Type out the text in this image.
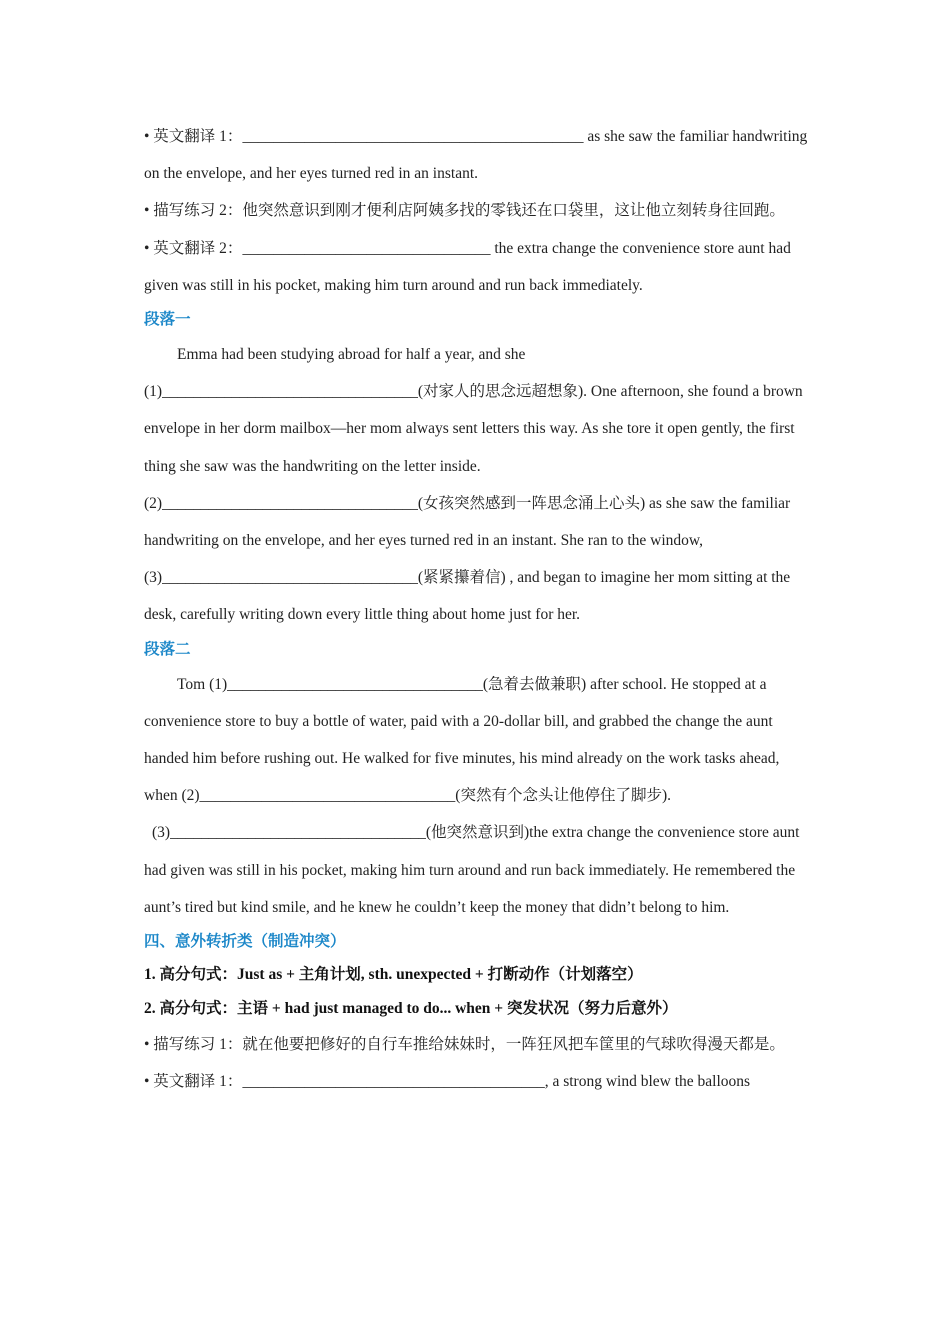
• 英文翻译 1：____________________________________________ as she saw the familiar handwriting on the envelope, and her eyes turned red in an instant.

• 描写练习 2：他突然意识到刚才便利店阿姨多找的零钱还在口袋里，这让他立刻转身往回跑。

• 英文翻译 2：________________________________ the extra change the convenience store aunt had given was still in his pocket, making him turn around and run back immediately.

段落一

Emma had been studying abroad for half a year, and she

(1)_________________________________(对家人的思念远超想象). One afternoon, she found a brown envelope in her dorm mailbox—her mom always sent letters this way. As she tore it open gently, the first thing she saw was the handwriting on the letter inside.

(2)_________________________________(女孩突然感到一阵思念涌上心头) as she saw the familiar handwriting on the envelope, and her eyes turned red in an instant. She ran to the window,

(3)_________________________________(紧紧攥着信) , and began to imagine her mom sitting at the desk, carefully writing down every little thing about home just for her.

段落二

Tom (1)_________________________________(急着去做兼职) after school. He stopped at a convenience store to buy a bottle of water, paid with a 20-dollar bill, and grabbed the change the aunt handed him before rushing out. He walked for five minutes, his mind already on the work tasks ahead, when (2)_________________________________(突然有个念头让他停住了脚步).

(3)_________________________________(他突然意识到)the extra change the convenience store aunt had given was still in his pocket, making him turn around and run back immediately. He remembered the aunt’s tired but kind smile, and he knew he couldn’t keep the money that didn’t belong to him.

四、意外转折类（制造冲突）

1. 高分句式：Just as + 主角计划, sth. unexpected + 打断动作（计划落空）

2. 高分句式：主语 + had just managed to do... when + 突发状况（努力后意外）

• 描写练习 1：就在他要把修好的自行车推给妹妹时，一阵狂风把车筐里的气球吹得漫天都是。

• 英文翻译 1：_______________________________________, a strong wind blew the balloons
